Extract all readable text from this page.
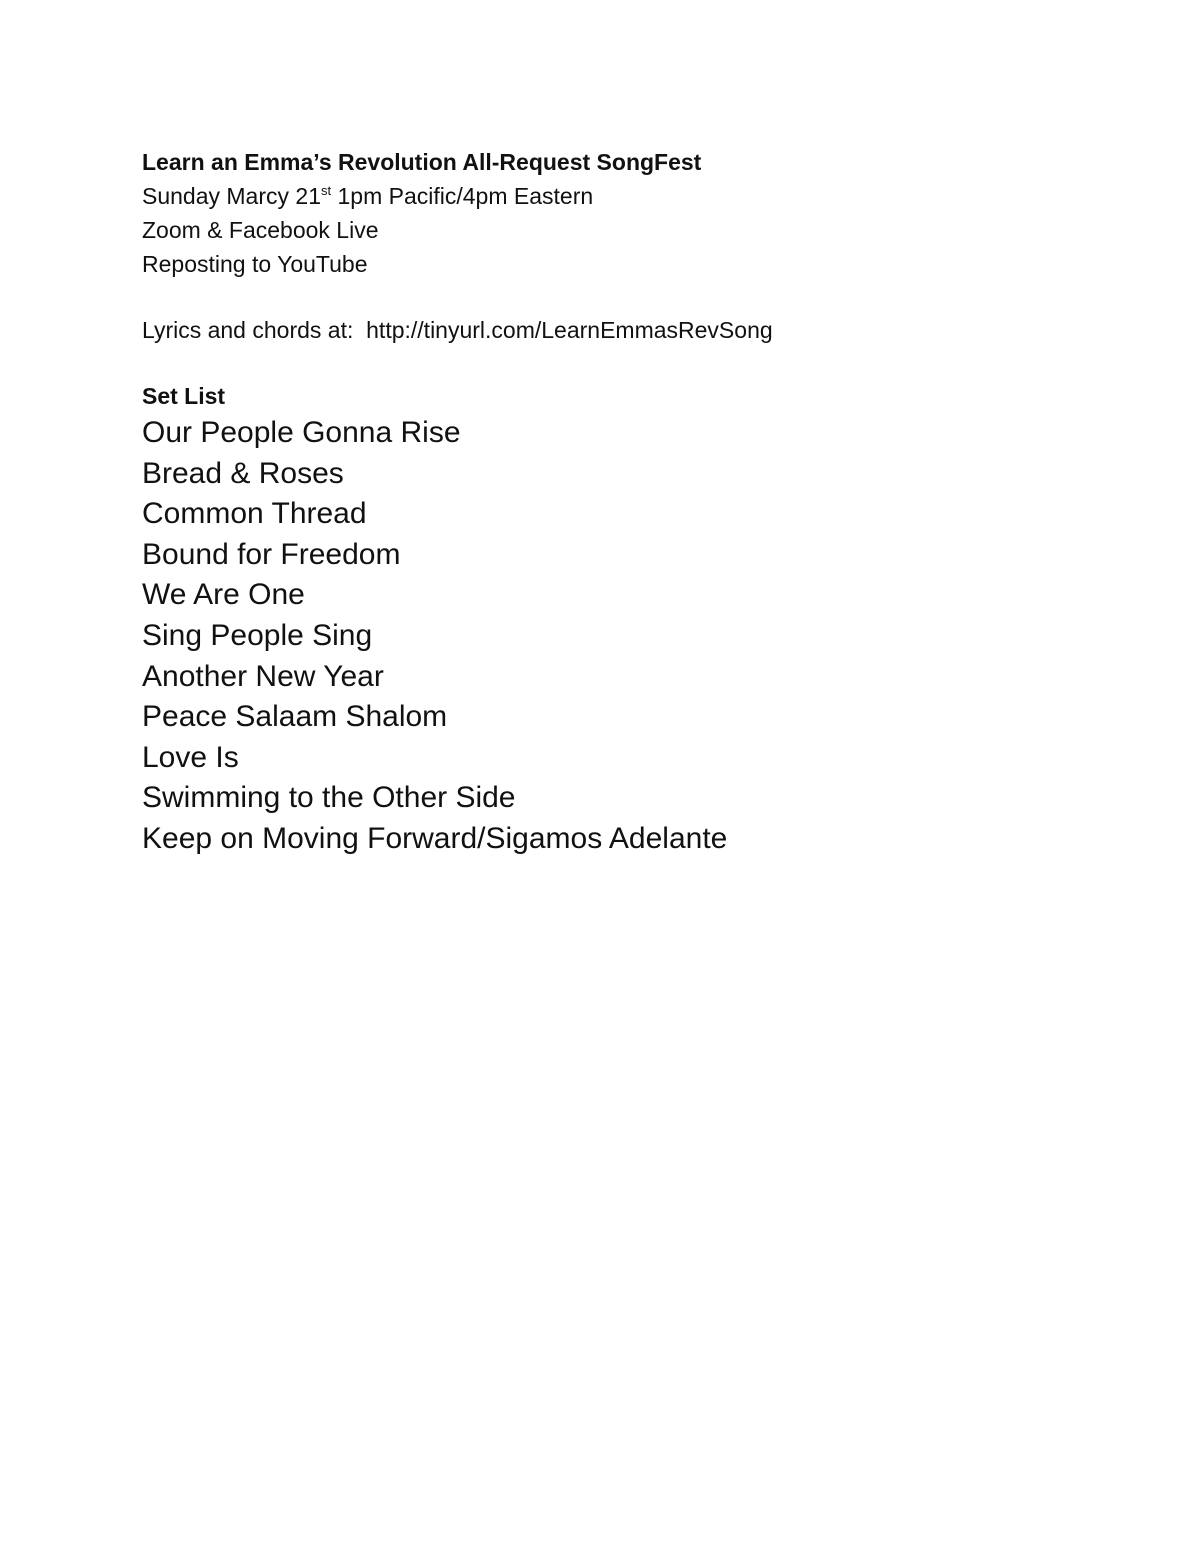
Learn an Emma’s Revolution All-Request SongFest
Sunday Marcy 21st 1pm Pacific/4pm Eastern
Zoom & Facebook Live
Reposting to YouTube
Lyrics and chords at:  http://tinyurl.com/LearnEmmasRevSong
Set List
Our People Gonna Rise
Bread & Roses
Common Thread
Bound for Freedom
We Are One
Sing People Sing
Another New Year
Peace Salaam Shalom
Love Is
Swimming to the Other Side
Keep on Moving Forward/Sigamos Adelante
